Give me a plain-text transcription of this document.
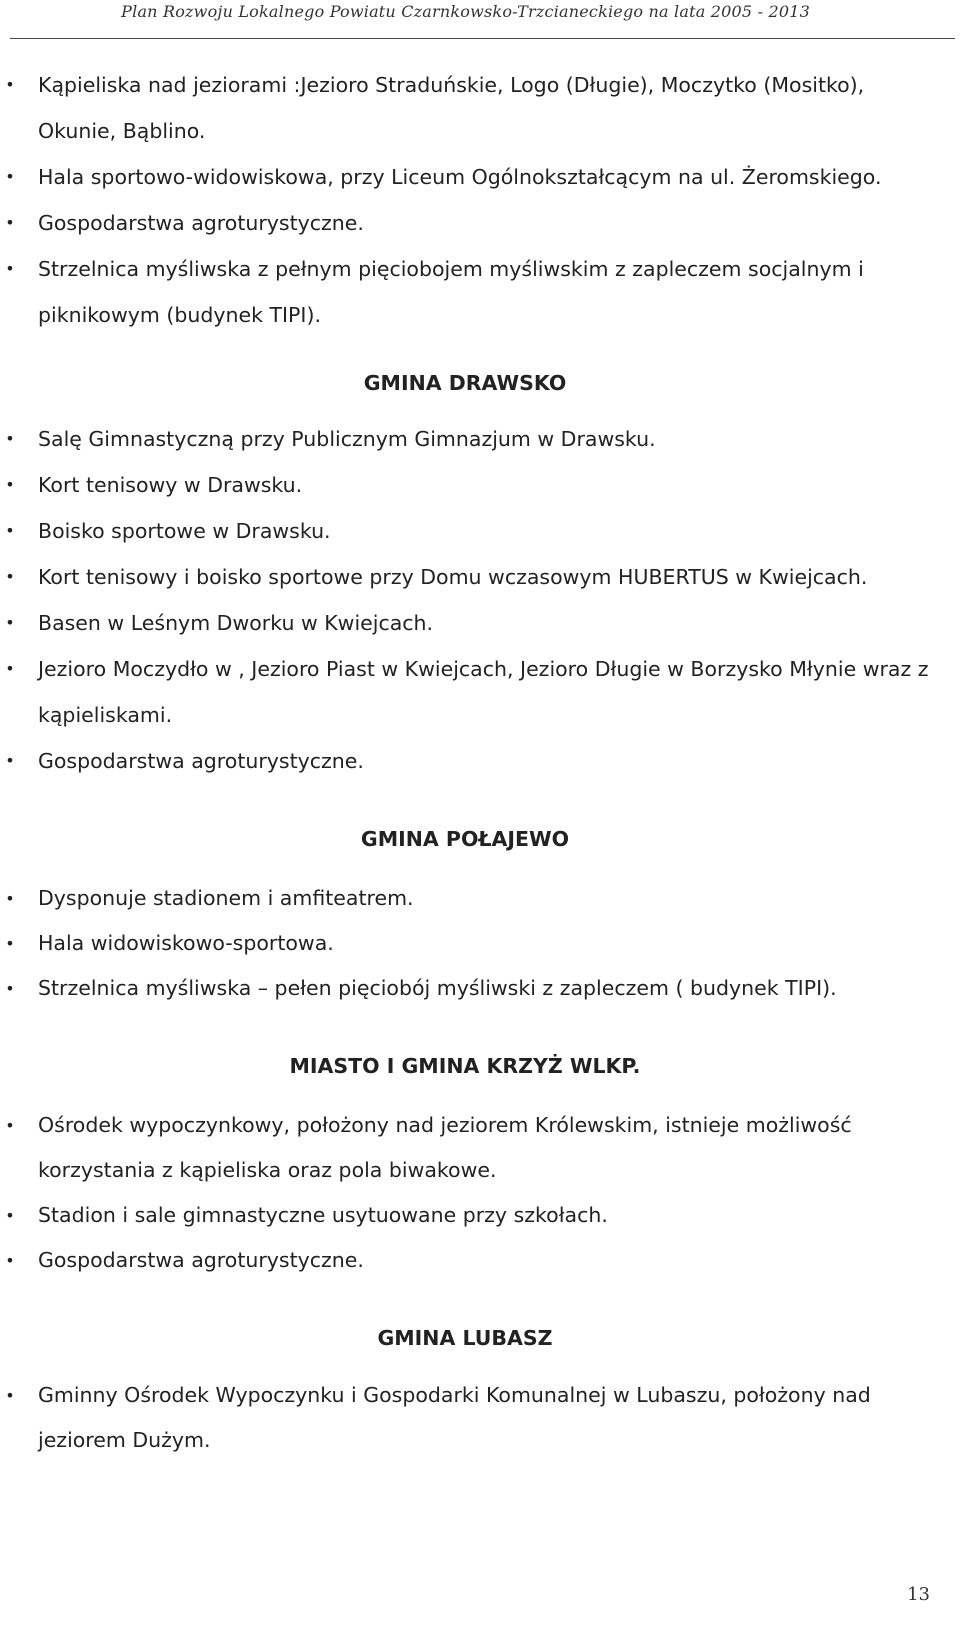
Plan Rozwoju Lokalnego Powiatu Czarnkowsko-Trzcianeckiego na lata 2005 - 2013
• Kąpieliska nad jeziorami :Jezioro Straduńskie, Logo (Długie), Moczytko (Mositko), Okunie, Bąblino.
• Hala sportowo-widowiskowa, przy Liceum Ogólnokształcącym na ul. Żeromskiego.
• Gospodarstwa agroturystyczne.
• Strzelnica myśliwska z pełnym pięciobojem myśliwskim z zapleczem socjalnym i piknikowym (budynek TIPI).
GMINA DRAWSKO
• Salę Gimnastyczną przy Publicznym Gimnazjum w Drawsku.
• Kort tenisowy w Drawsku.
• Boisko sportowe w Drawsku.
• Kort tenisowy i boisko sportowe przy Domu wczasowym HUBERTUS w Kwiejcach.
• Basen w Leśnym Dworku w Kwiejcach.
• Jezioro Moczydło w , Jezioro Piast w Kwiejcach, Jezioro Długie w Borzysko Młynie wraz z kąpieliskami.
• Gospodarstwa agroturystyczne.
GMINA POŁAJEWO
• Dysponuje stadionem i amfiteatrem.
• Hala widowiskowo-sportowa.
• Strzelnica myśliwska – pełen pięciobój myśliwski z zapleczem ( budynek TIPI).
MIASTO I GMINA KRZYŻ WLKP.
• Ośrodek wypoczynkowy, położony nad jeziorem Królewskim, istnieje możliwość korzystania z kąpieliska oraz pola biwakowe.
• Stadion i sale gimnastyczne usytuowane przy szkołach.
• Gospodarstwa agroturystyczne.
GMINA LUBASZ
• Gminny Ośrodek Wypoczynku i Gospodarki Komunalnej w Lubaszu, położony nad jeziorem Dużym.
13
